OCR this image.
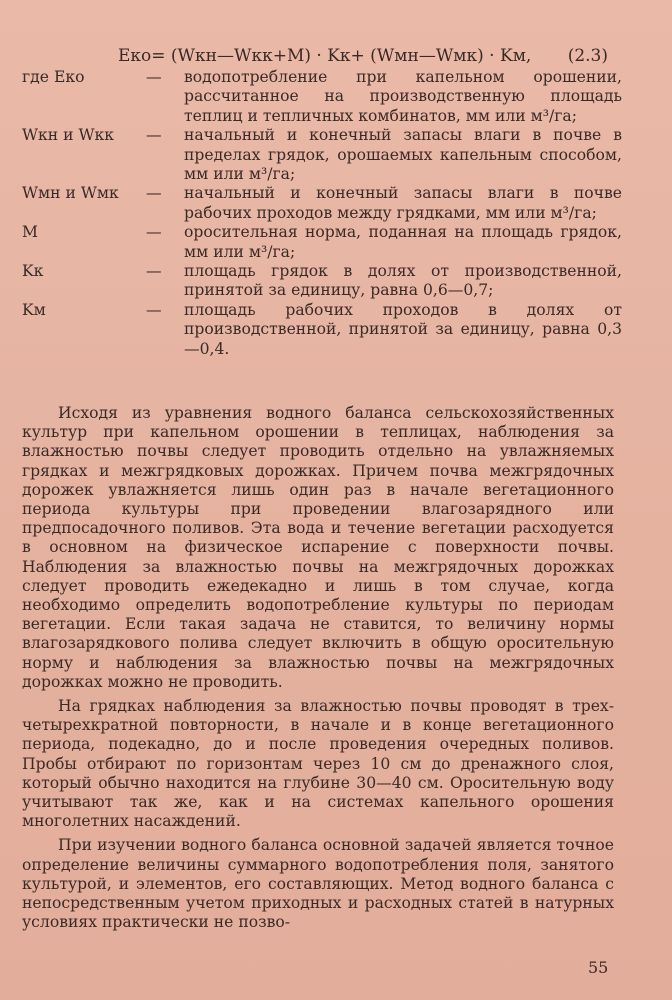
Eко= (Wкн—Wкк+M) · Kк+ (Wмн—Wмк) · Kм, (2.3)
где Eко	—	водопотребление при капельном орошении, рассчитанное на производственную площадь теплиц и тепличных комбинатов, мм или м³/га;
Wкн и Wкк	—	начальный и конечный запасы влаги в почве в пределах грядок, орошаемых капельным способом, мм или м³/га;
Wмн и Wмк	—	начальный и конечный запасы влаги в почве рабочих проходов между грядками, мм или м³/га;
M	—	оросительная норма, поданная на площадь грядок, мм или м³/га;
Kк	—	площадь грядок в долях от производственной, принятой за единицу, равна 0,6—0,7;
Kм	—	площадь рабочих проходов в долях от производственной, принятой за единицу, равна 0,3—0,4.

Исходя из уравнения водного баланса сельскохозяйственных культур при капельном орошении в теплицах, наблюдения за влажностью почвы следует проводить отдельно на увлажняемых грядках и межгрядковых дорожках. Причем почва межгрядочных дорожек увлажняется лишь один раз в начале вегетационного периода культуры при проведении влагозарядного или предпосадочного поливов. Эта вода и течение вегетации расходуется в основном на физическое испарение с поверхности почвы. Наблюдения за влажностью почвы на межгрядочных дорожках следует проводить ежедекадно и лишь в том случае, когда необходимо определить водопотребление культуры по периодам вегетации. Если такая задача не ставится, то величину нормы влагозарядкового полива следует включить в общую оросительную норму и наблюдения за влажностью почвы на межгрядочных дорожках можно не проводить.

На грядках наблюдения за влажностью почвы проводят в трех-четырехкратной повторности, в начале и в конце вегетационного периода, подекадно, до и после проведения очередных поливов. Пробы отбирают по горизонтам через 10 см до дренажного слоя, который обычно находится на глубине 30—40 см. Оросительную воду учитывают так же, как и на системах капельного орошения многолетних насаждений.

При изучении водного баланса основной задачей является точное определение величины суммарного водопотребления поля, занятого культурой, и элементов, его составляющих. Метод водного баланса с непосредственным учетом приходных и расходных статей в натурных условиях практически не позво-

55
